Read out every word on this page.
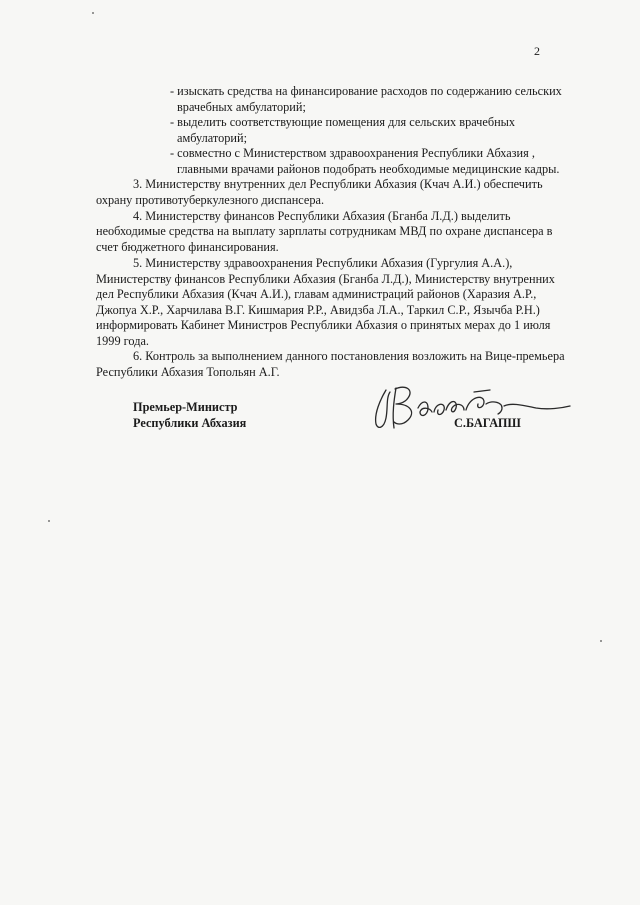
2
- изыскать средства на финансирование расходов по содержанию сельских
врачебных амбулаторий;
- выделить соответствующие помещения для сельских врачебных
амбулаторий;
- совместно с Министерством здравоохранения Республики Абхазия ,
главными врачами районов подобрать необходимые медицинские кадры.
3. Министерству внутренних дел Республики Абхазия (Кчач А.И.) обеспечить
охрану противотуберкулезного диспансера.
4. Министерству финансов Республики Абхазия (Бганба Л.Д.) выделить
необходимые средства на выплату зарплаты сотрудникам МВД по охране диспансера в
счет бюджетного финансирования.
5. Министерству здравоохранения Республики Абхазия (Гургулия А.А.),
Министерству финансов Республики Абхазия (Бганба Л.Д.), Министерству внутренних
дел Республики Абхазия (Кчач А.И.), главам администраций районов (Харазия А.Р.,
Джопуа Х.Р., Харчилава В.Г. Кишмария Р.Р., Авидзба Л.А., Таркил С.Р., Язычба Р.Н.)
информировать Кабинет Министров Республики Абхазия о принятых мерах до 1 июля
1999 года.
6. Контроль за выполнением данного постановления возложить на Вице-премьера
Республики Абхазия Топольян А.Г.
Премьер-Министр
Республики Абхазия	С.БАГАПШ
